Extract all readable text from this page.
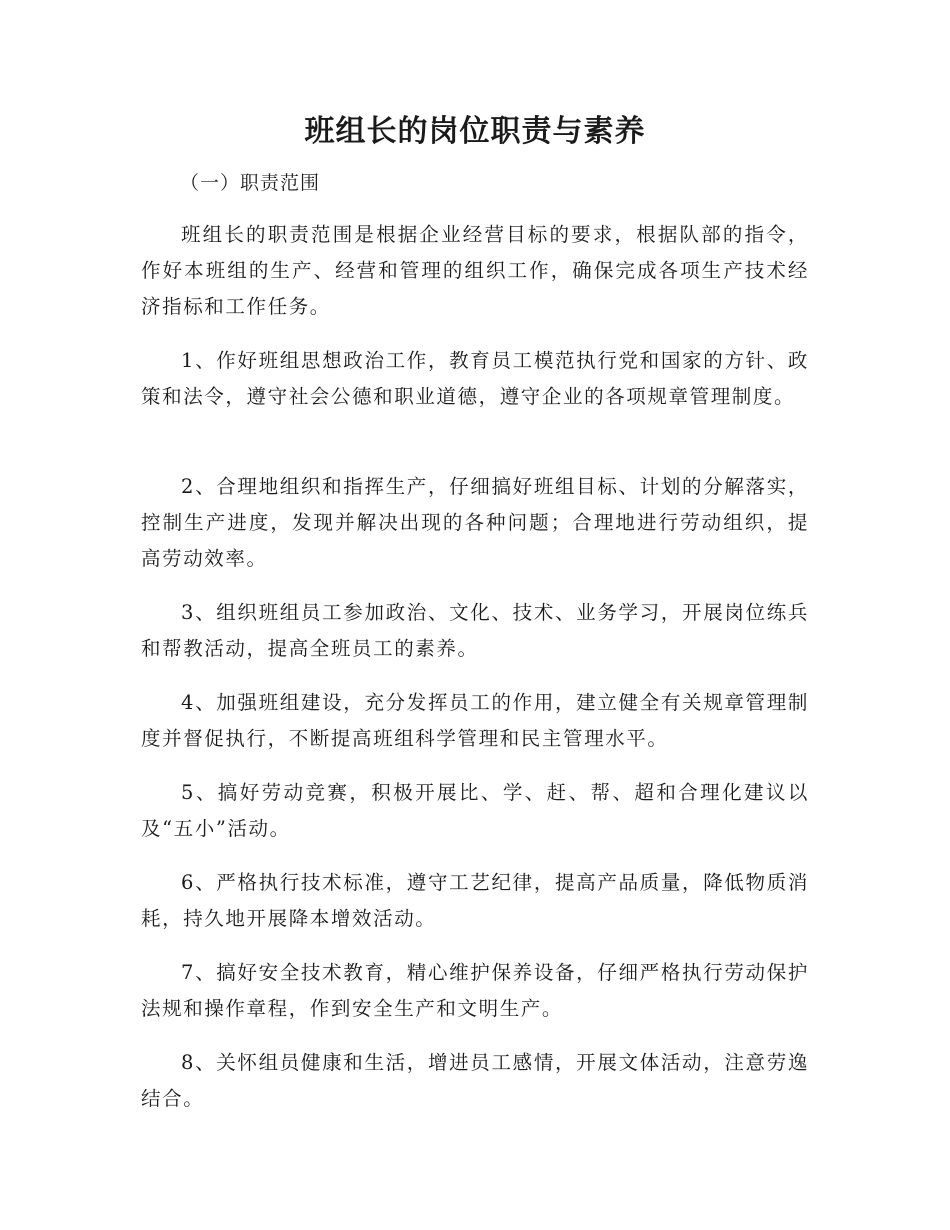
班组长的岗位职责与素养

（一）职责范围

班组长的职责范围是根据企业经营目标的要求，根据队部的指令，作好本班组的生产、经营和管理的组织工作，确保完成各项生产技术经济指标和工作任务。

1、作好班组思想政治工作，教育员工模范执行党和国家的方针、政策和法令，遵守社会公德和职业道德，遵守企业的各项规章管理制度。

2、合理地组织和指挥生产，仔细搞好班组目标、计划的分解落实，控制生产进度，发现并解决出现的各种问题；合理地进行劳动组织，提高劳动效率。

3、组织班组员工参加政治、文化、技术、业务学习，开展岗位练兵和帮教活动，提高全班员工的素养。

4、加强班组建设，充分发挥员工的作用，建立健全有关规章管理制度并督促执行，不断提高班组科学管理和民主管理水平。

5、搞好劳动竞赛，积极开展比、学、赶、帮、超和合理化建议以及“五小”活动。

6、严格执行技术标准，遵守工艺纪律，提高产品质量，降低物质消耗，持久地开展降本增效活动。

7、搞好安全技术教育，精心维护保养设备，仔细严格执行劳动保护法规和操作章程，作到安全生产和文明生产。

8、关怀组员健康和生活，增进员工感情，开展文体活动，注意劳逸结合。
